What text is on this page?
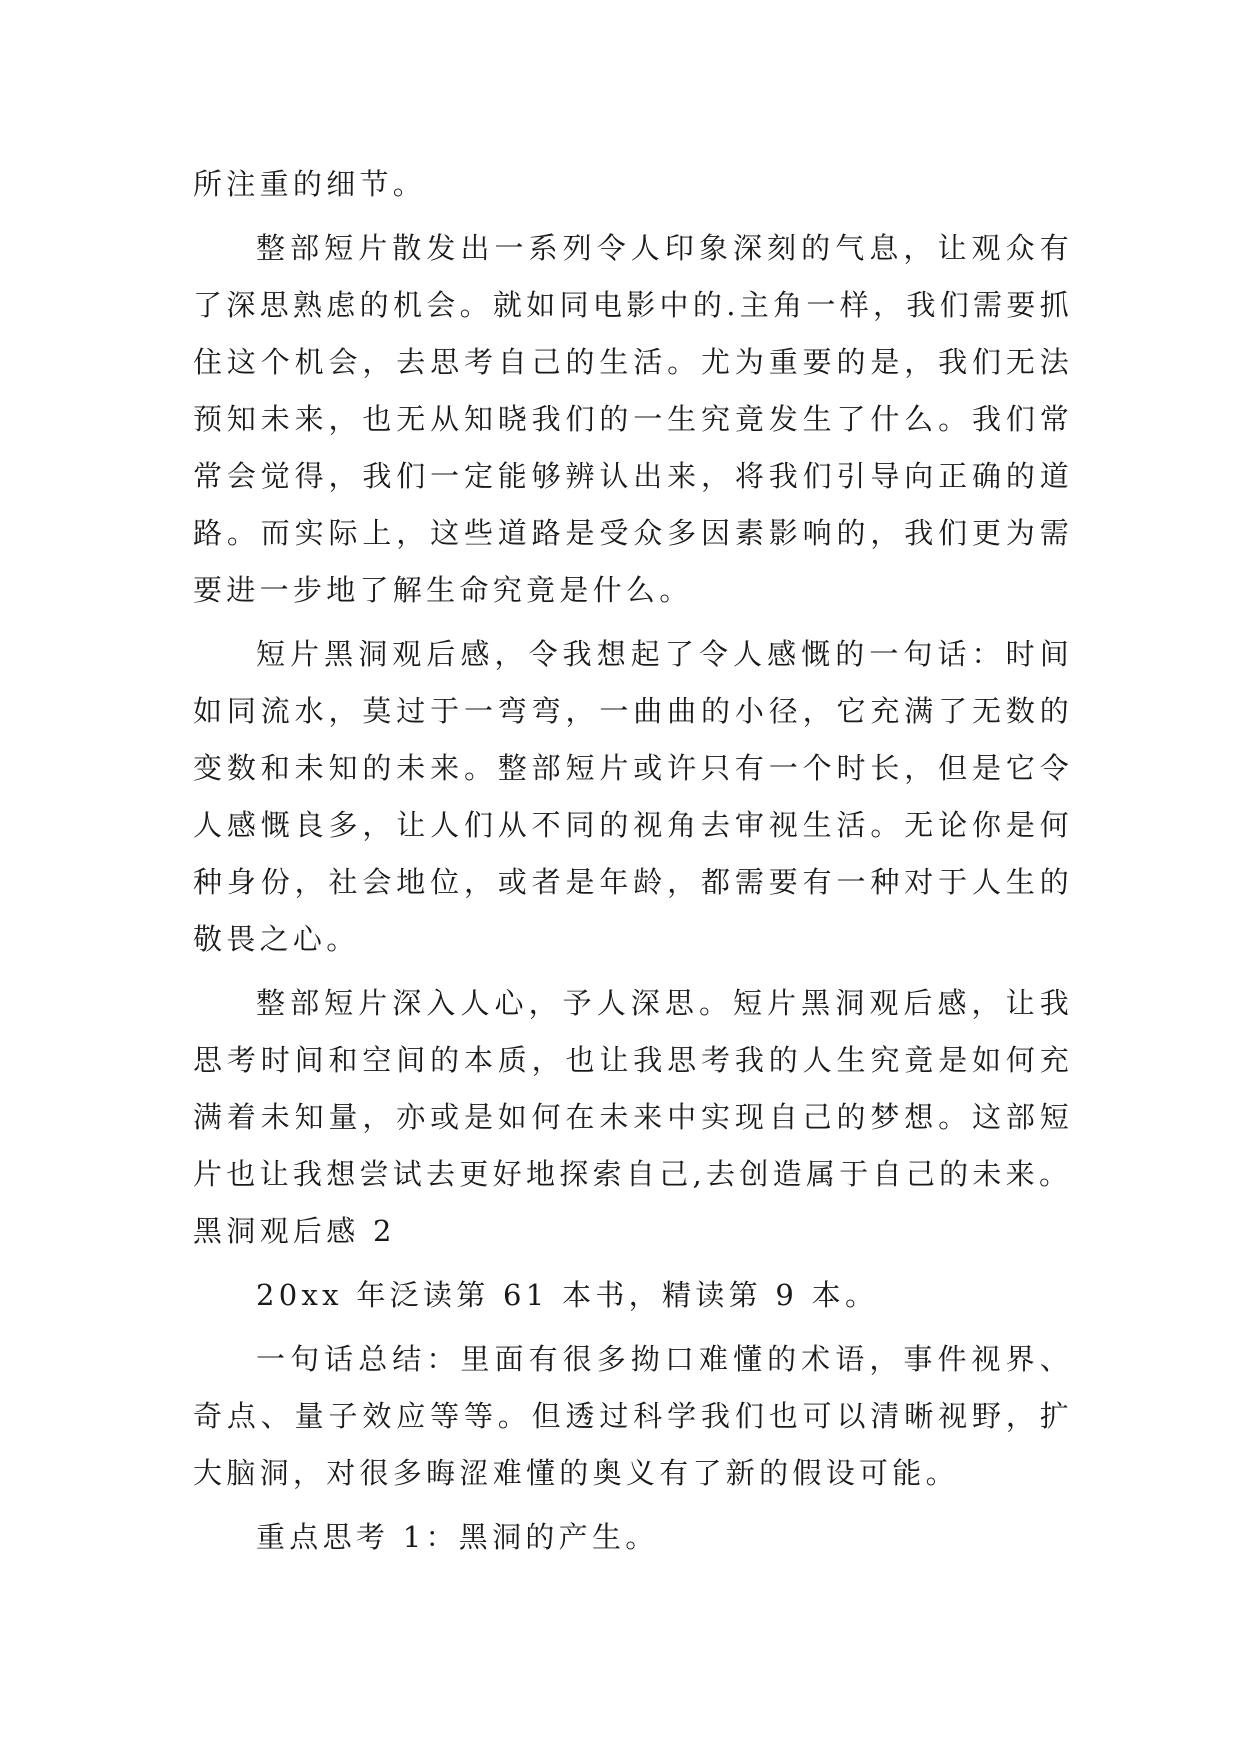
所注重的细节。

整部短片散发出一系列令人印象深刻的气息，让观众有了深思熟虑的机会。就如同电影中的.主角一样，我们需要抓住这个机会，去思考自己的生活。尤为重要的是，我们无法预知未来，也无从知晓我们的一生究竟发生了什么。我们常常会觉得，我们一定能够辨认出来，将我们引导向正确的道路。而实际上，这些道路是受众多因素影响的，我们更为需要进一步地了解生命究竟是什么。

短片黑洞观后感，令我想起了令人感慨的一句话：时间如同流水，莫过于一弯弯，一曲曲的小径，它充满了无数的变数和未知的未来。整部短片或许只有一个时长，但是它令人感慨良多，让人们从不同的视角去审视生活。无论你是何种身份，社会地位，或者是年龄，都需要有一种对于人生的敬畏之心。

整部短片深入人心，予人深思。短片黑洞观后感，让我思考时间和空间的本质，也让我思考我的人生究竟是如何充满着未知量，亦或是如何在未来中实现自己的梦想。这部短片也让我想尝试去更好地探索自己,去创造属于自己的未来。

黑洞观后感 2

20xx 年泛读第 61 本书，精读第 9 本。

一句话总结：里面有很多拗口难懂的术语，事件视界、奇点、量子效应等等。但透过科学我们也可以清晰视野，扩大脑洞，对很多晦涩难懂的奥义有了新的假设可能。

重点思考 1：黑洞的产生。
